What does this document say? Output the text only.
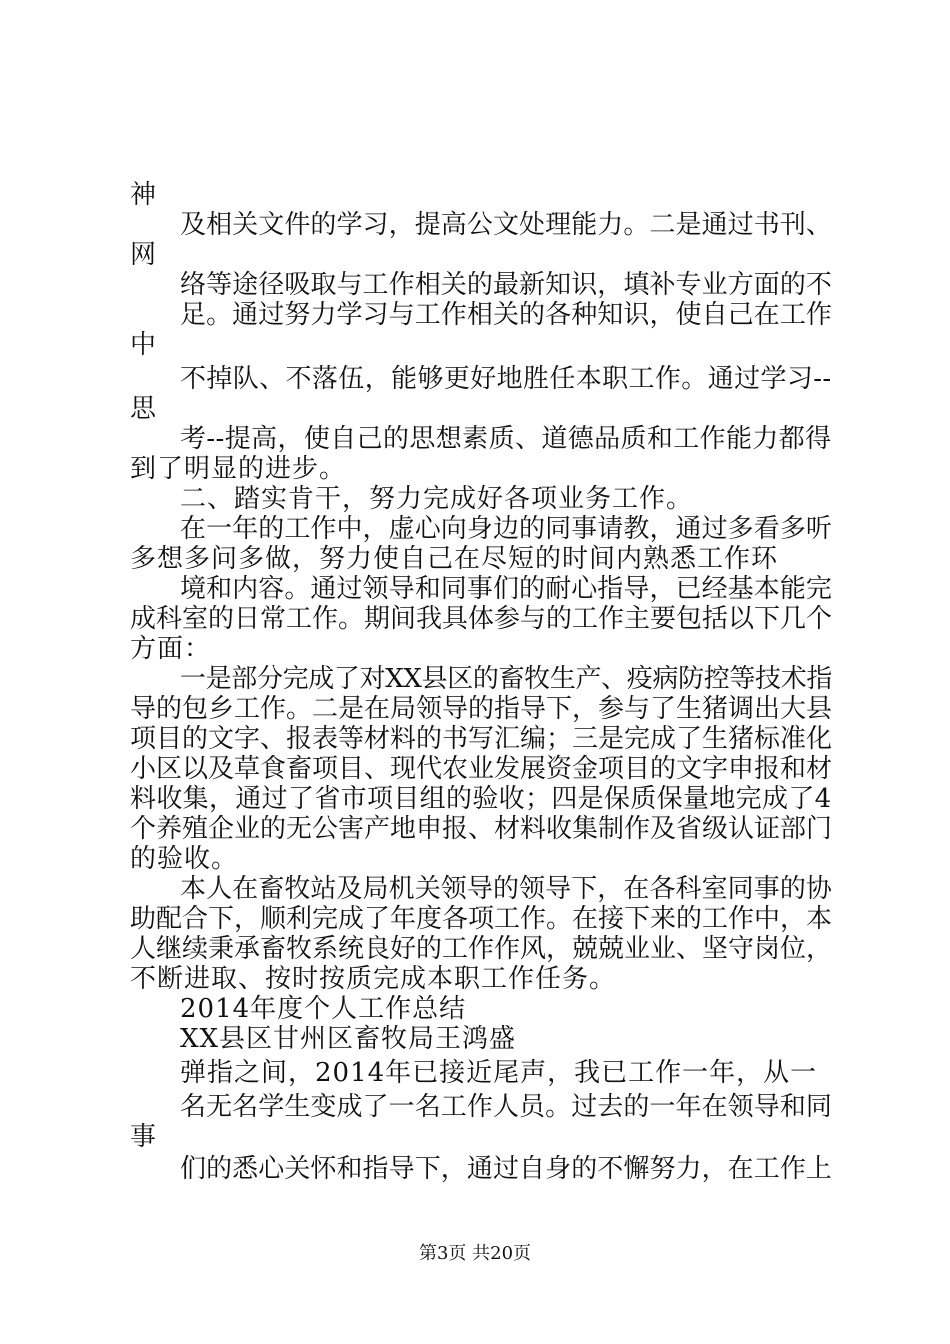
神
及相关文件的学习，提高公文处理能力。二是通过书刊、
网
络等途径吸取与工作相关的最新知识，填补专业方面的不
足。通过努力学习与工作相关的各种知识，使自己在工作
中
不掉队、不落伍，能够更好地胜任本职工作。通过学习--
思
考--提高，使自己的思想素质、道德品质和工作能力都得
到了明显的进步。
二、踏实肯干，努力完成好各项业务工作。
在一年的工作中，虚心向身边的同事请教，通过多看多听
多想多问多做，努力使自己在尽短的时间内熟悉工作环
境和内容。通过领导和同事们的耐心指导，已经基本能完
成科室的日常工作。期间我具体参与的工作主要包括以下几个
方面：
一是部分完成了对XX县区的畜牧生产、疫病防控等技术指
导的包乡工作。二是在局领导的指导下，参与了生猪调出大县
项目的文字、报表等材料的书写汇编；三是完成了生猪标准化
小区以及草食畜项目、现代农业发展资金项目的文字申报和材
料收集，通过了省市项目组的验收；四是保质保量地完成了4
个养殖企业的无公害产地申报、材料收集制作及省级认证部门
的验收。
本人在畜牧站及局机关领导的领导下，在各科室同事的协
助配合下，顺利完成了年度各项工作。在接下来的工作中，本
人继续秉承畜牧系统良好的工作作风，兢兢业业、坚守岗位，
不断进取、按时按质完成本职工作任务。
2014年度个人工作总结
XX县区甘州区畜牧局王鸿盛
弹指之间，2014年已接近尾声，我已工作一年，从一
名无名学生变成了一名工作人员。过去的一年在领导和同
事
们的悉心关怀和指导下，通过自身的不懈努力，在工作上
第3页 共20页
